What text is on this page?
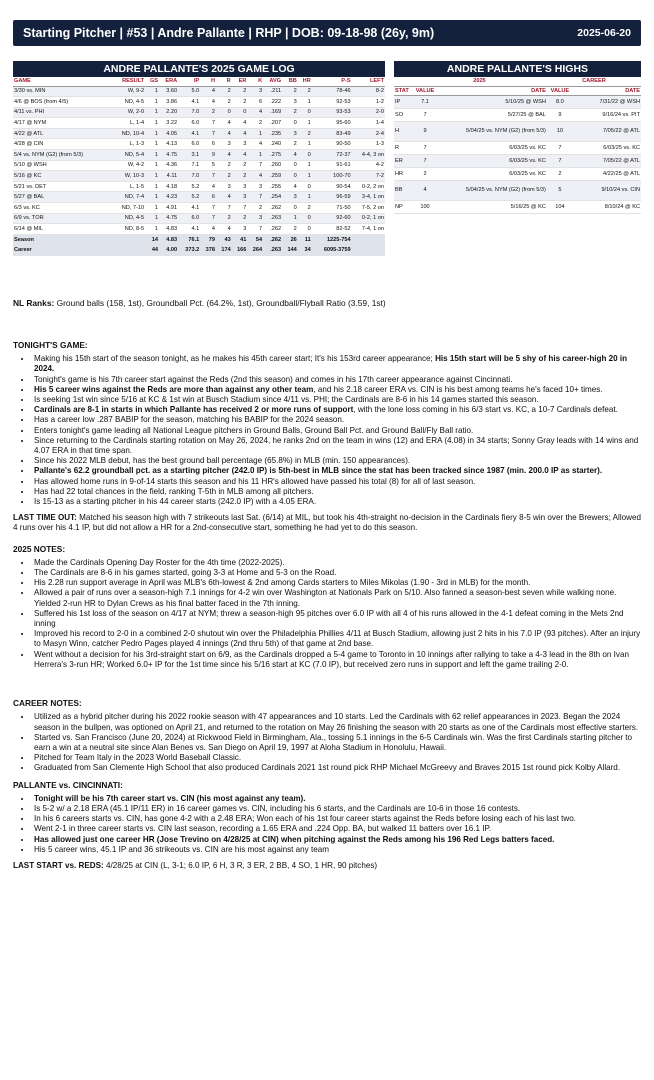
Starting Pitcher | #53 | Andre Pallante | RHP | DOB: 09-18-98 (26y, 9m)	2025-06-20
ANDRE PALLANTE'S 2025 GAME LOG
GAME	RESULT	GS	ERA	IP	H	R	ER	K	AVG	BB	HR	P-S	LEFT
3/30 vs. MIN	W, 9-2	1	3.60	5.0	4	2	2	3	.211	2	2	78-46	8-2
4/6 @ BOS (from 4/5)	ND, 4-5	1	3.86	4.1	4	2	2	6	.222	3	1	92-53	1-2
4/11 vs. PHI	W, 2-0	1	2.20	7.0	2	0	0	4	.169	2	0	93-53	2-0
4/17 @ NYM	L, 1-4	1	3.22	6.0	7	4	4	2	.207	0	1	95-60	1-4
4/22 @ ATL	ND, 10-4	1	4.05	4.1	7	4	4	1	.235	3	2	83-49	2-4
4/28 @ CIN	L, 1-3	1	4.13	6.0	6	3	3	4	.240	2	1	90-50	1-3
5/4 vs. NYM (G2) (from 5/3)	ND, 5-4	1	4.75	3.1	9	4	4	1	.275	4	0	72-37	4-4, 3 on
5/10 @ WSH	W, 4-2	1	4.36	7.1	5	2	2	7	.260	0	1	91-61	4-2
5/16 @ KC	W, 10-3	1	4.11	7.0	7	2	2	4	.259	0	1	100-70	7-2
5/21 vs. DET	L, 1-5	1	4.18	5.2	4	3	3	3	.255	4	0	90-54	0-2, 2 on
5/27 @ BAL	ND, 7-4	1	4.23	5.2	6	4	3	7	.254	3	1	96-59	3-4, 1 on
6/3 vs. KC	ND, 7-10	1	4.91	4.1	7	7	7	2	.262	0	2	71-50	7-5, 2 on
6/9 vs. TOR	ND, 4-5	1	4.75	6.0	7	2	2	3	.263	1	0	92-60	0-2, 1 on
6/14 @ MIL	ND, 8-5	1	4.83	4.1	4	4	3	7	.262	2	0	82-52	7-4, 1 on
Season		14	4.83	76.1	79	43	41	54	.262	26	11	1225-754	
Career		44	4.00	373.2	378	174	166	264	.263	144	34	6095-3759	
ANDRE PALLANTE'S HIGHS
	2025		CAREER	
STAT	VALUE	DATE	VALUE	DATE
IP	7.1	5/10/25 @ WSH	8.0	7/31/22 @ WSH
SO	7	5/27/25 @ BAL	9	9/16/24 vs. PIT
H	9	5/04/25 vs. NYM (G2) (from 5/3)	10	7/05/22 @ ATL
R	7	6/03/25 vs. KC	7	6/03/25 vs. KC
ER	7	6/03/25 vs. KC	7	7/05/22 @ ATL
HR	2	6/03/25 vs. KC	2	4/22/25 @ ATL
BB	4	5/04/25 vs. NYM (G2) (from 5/3)	5	9/10/24 vs. CIN
NP	100	5/16/25 @ KC	104	8/10/24 @ KC
NL Ranks: Ground balls (158, 1st), Groundball Pct. (64.2%, 1st), Groundball/Flyball Ratio (3.59, 1st)
TONIGHT'S GAME:
• Making his 15th start of the season tonight, as he makes his 45th career start; It's his 153rd career appearance; His 15th start will be 5 shy of his career-high 20 in 2024.
• Tonight's game is his 7th career start against the Reds (2nd this season) and comes in his 17th career appearance against Cincinnati.
• His 5 career wins against the Reds are more than against any other team, and his 2.18 career ERA vs. CIN is his best among teams he's faced 10+ times.
• Is seeking 1st win since 5/16 at KC & 1st win at Busch Stadium since 4/11 vs. PHI; the Cardinals are 8-6 in his 14 games started this season.
• Cardinals are 8-1 in starts in which Pallante has received 2 or more runs of support, with the lone loss coming in his 6/3 start vs. KC, a 10-7 Cardinals defeat.
• Has a career low .287 BABIP for the season, matching his BABIP for the 2024 season.
• Enters tonight's game leading all National League pitchers in Ground Balls, Ground Ball Pct. and Ground Ball/Fly Ball ratio.
• Since returning to the Cardinals starting rotation on May 26, 2024, he ranks 2nd on the team in wins (12) and ERA (4.08) in 34 starts; Sonny Gray leads with 14 wins and 4.07 ERA in that time span.
• Since his 2022 MLB debut, has the best ground ball percentage (65.8%) in MLB (min. 150 appearances).
• Pallante's 62.2 groundball pct. as a starting pitcher (242.0 IP) is 5th-best in MLB since the stat has been tracked since 1987 (min. 200.0 IP as starter).
• Has allowed home runs in 9-of-14 starts this season and his 11 HR's allowed have passed his total (8) for all of last season.
• Has had 22 total chances in the field, ranking T-5th in MLB among all pitchers.
• Is 15-13 as a starting pitcher in his 44 career starts (242.0 IP) with a 4.05 ERA.

LAST TIME OUT: Matched his season high with 7 strikeouts last Sat. (6/14) at MIL, but took his 4th-straight no-decision in the Cardinals fiery 8-5 win over the Brewers; Allowed 4 runs over his 4.1 IP, but did not allow a HR for a 2nd-consecutive start, something he had yet to do this season.

2025 NOTES:
• Made the Cardinals Opening Day Roster for the 4th time (2022-2025).
• The Cardinals are 8-6 in his games started, going 3-3 at Home and 5-3 on the Road.
• His 2.28 run support average in April was MLB's 6th-lowest & 2nd among Cards starters to Miles Mikolas (1.90 - 3rd in MLB) for the month.
• Allowed a pair of runs over a season-high 7.1 innings for 4-2 win over Washington at Nationals Park on 5/10. Also fanned a season-best seven while walking none. Yielded 2-run HR to Dylan Crews as his final batter faced in the 7th inning.
• Suffered his 1st loss of the season on 4/17 at NYM; threw a season-high 95 pitches over 6.0 IP with all 4 of his runs allowed in the 4-1 defeat coming in the Mets 2nd inning
• Improved his record to 2-0 in a combined 2-0 shutout win over the Philadelphia Phillies 4/11 at Busch Stadium, allowing just 2 hits in his 7.0 IP (93 pitches). After an injury to Masyn Winn, catcher Pedro Pages played 4 innings (2nd thru 5th) of that game at 2nd base.
• Went without a decision for his 3rd-straight start on 6/9, as the Cardinals dropped a 5-4 game to Toronto in 10 innings after rallying to take a 4-3 lead in the 8th on Ivan Herrera's 3-run HR; Worked 6.0+ IP for the 1st time since his 5/16 start at KC (7.0 IP), but received zero runs in support and left the game trailing 2-0.
CAREER NOTES:
• Utilized as a hybrid pitcher during his 2022 rookie season with 47 appearances and 10 starts. Led the Cardinals with 62 relief appearances in 2023. Began the 2024 season in the bullpen, was optioned on April 21, and returned to the rotation on May 26 finishing the season with 20 starts as one of the Cardinals most effective starters.
• Started vs. San Francisco (June 20, 2024) at Rickwood Field in Birmingham, Ala., tossing 5.1 innings in the 6-5 Cardinals win. Was the first Cardinals starting pitcher to earn a win at a neutral site since Alan Benes vs. San Diego on April 19, 1997 at Aloha Stadium in Honolulu, Hawaii.
• Pitched for Team Italy in the 2023 World Baseball Classic.
• Graduated from San Clemente High School that also produced Cardinals 2021 1st round pick RHP Michael McGreevy and Braves 2015 1st round pick Kolby Allard.
PALLANTE vs. CINCINNATI:
• Tonight will be his 7th career start vs. CIN (his most against any team).
• Is 5-2 w/ a 2.18 ERA (45.1 IP/11 ER) in 16 career games vs. CIN, including his 6 starts, and the Cardinals are 10-6 in those 16 contests.
• In his 6 careers starts vs. CIN, has gone 4-2 with a 2.48 ERA; Won each of his 1st four career starts against the Reds before losing each of his last two.
• Went 2-1 in three career starts vs. CIN last season, recording a 1.65 ERA and .224 Opp. BA, but walked 11 batters over 16.1 IP.
• Has allowed just one career HR (Jose Trevino on 4/28/25 at CIN) when pitching against the Reds among his 196 Red Legs batters faced.
• His 5 career wins, 45.1 IP and 36 strikeouts vs. CIN are his most against any team

LAST START vs. REDS: 4/28/25 at CIN (L, 3-1; 6.0 IP, 6 H, 3 R, 3 ER, 2 BB, 4 SO, 1 HR, 90 pitches)
